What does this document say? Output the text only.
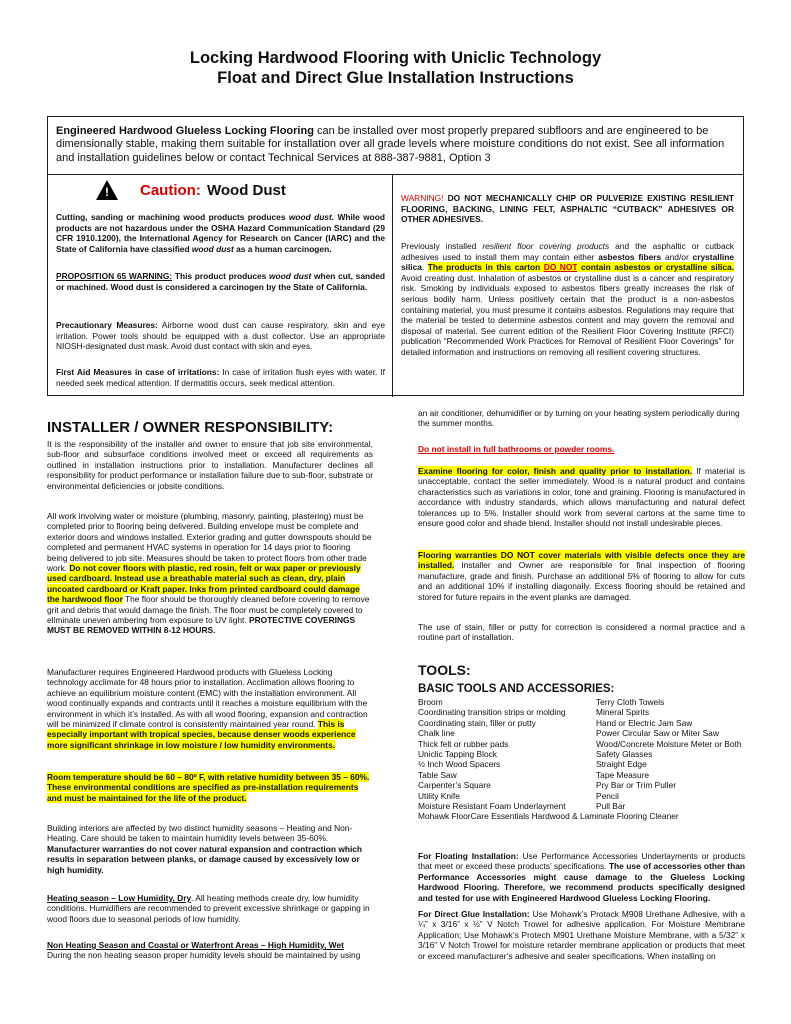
Locking Hardwood Flooring with Uniclic Technology
Float and Direct Glue Installation Instructions
Engineered Hardwood Glueless Locking Flooring can be installed over most properly prepared subfloors and are engineered to be dimensionally stable, making them suitable for installation over all grade levels where moisture conditions do not exist. See all information and installation guidelines below or contact Technical Services at 888-387-9881, Option 3
!	Caution: Wood Dust
Cutting, sanding or machining wood products produces wood dust. While wood products are not hazardous under the OSHA Hazard Communication Standard (29 CFR 1910.1200), the International Agency for Research on Cancer (IARC) and the State of California have classified wood dust as a human carcinogen.
PROPOSITION 65 WARNING: This product produces wood dust when cut, sanded or machined. Wood dust is considered a carcinogen by the State of California.
Precautionary Measures: Airborne wood dust can cause respiratory, skin and eye irritation. Power tools should be equipped with a dust collector. Use an appropriate NIOSH-designated dust mask. Avoid dust contact with skin and eyes.
First Aid Measures in case of irritations: In case of irritation flush eyes with water. If needed seek medical attention. If dermatitis occurs, seek medical attention.
WARNING! DO NOT MECHANICALLY CHIP OR PULVERIZE EXISTING RESILIENT FLOORING, BACKING, LINING FELT, ASPHALTIC “CUTBACK” ADHESIVES OR OTHER ADHESIVES.
Previously installed resilient floor covering products and the asphaltic or cutback adhesives used to install them may contain either asbestos fibers and/or crystalline silica. The products in this carton DO NOT contain asbestos or crystalline silica. Avoid creating dust. Inhalation of asbestos or crystalline dust is a cancer and respiratory risk. Smoking by individuals exposed to asbestos fibers greatly increases the risk of serious bodily harm. Unless positively certain that the product is a non-asbestos containing material, you must presume it contains asbestos. Regulations may require that the material be tested to determine asbestos content and may govern the removal and disposal of material. See current edition of the Resilient Floor Covering Institute (RFCI) publication “Recommended Work Practices for Removal of Resilient Floor Coverings” for detailed information and instructions on removing all resilient covering structures.
INSTALLER / OWNER RESPONSIBILITY:
It is the responsibility of the installer and owner to ensure that job site environmental, sub-floor and subsurface conditions involved meet or exceed all requirements as outlined in installation instructions prior to installation. Manufacturer declines all responsibility for product performance or installation failure due to sub-floor, substrate or environmental deficiencies or jobsite conditions.
All work involving water or moisture (plumbing, masonry, painting, plastering) must be completed prior to flooring being delivered. Building envelope must be complete and exterior doors and windows installed. Exterior grading and gutter downspouts should be completed and permanent HVAC systems in operation for 14 days prior to flooring being delivered to job site. Measures should be taken to protect floors from other trade work. Do not cover floors with plastic, red rosin, felt or wax paper or previously used cardboard. Instead use a breathable material such as clean, dry, plain uncoated cardboard or Kraft paper. Inks from printed cardboard could damage the hardwood floor The floor should be thoroughly cleaned before covering to remove grit and debris that would damage the finish. The floor must be completely covered to eliminate uneven ambering from exposure to UV light. PROTECTIVE COVERINGS MUST BE REMOVED WITHIN 8-12 HOURS.
Manufacturer requires Engineered Hardwood products with Glueless Locking technology acclimate for 48 hours prior to installation. Acclimation allows flooring to achieve an equilibrium moisture content (EMC) with the installation environment. All wood continually expands and contracts until it reaches a moisture equilibrium with the environment in which it’s installed. As with all wood flooring, expansion and contraction will be minimized if climate control is consistently maintained year round. This is especially important with tropical species, because denser woods experience more significant shrinkage in low moisture / low humidity environments.
Room temperature should be 60 – 80º F, with relative humidity between 35 – 60%. These environmental conditions are specified as pre-installation requirements and must be maintained for the life of the product.
Building interiors are affected by two distinct humidity seasons – Heating and Non-Heating. Care should be taken to maintain humidity levels between 35-60%. Manufacturer warranties do not cover natural expansion and contraction which results in separation between planks, or damage caused by excessively low or high humidity.
Heating season – Low Humidity, Dry. All heating methods create dry, low humidity conditions. Humidifiers are recommended to prevent excessive shrinkage or gapping in wood floors due to seasonal periods of low humidity.
Non Heating Season and Coastal or Waterfront Areas – High Humidity, Wet
During the non heating season proper humidity levels should be maintained by using
an air conditioner, dehumidifier or by turning on your heating system periodically during the summer months.
Do not install in full bathrooms or powder rooms.
Examine flooring for color, finish and quality prior to installation. If material is unacceptable, contact the seller immediately. Wood is a natural product and contains characteristics such as variations in color, tone and graining. Flooring is manufactured in accordance with industry standards, which allows manufacturing and natural defect tolerances up to 5%. Installer should work from several cartons at the same time to ensure good color and shade blend. Installer should not install undesirable pieces.
Flooring warranties DO NOT cover materials with visible defects once they are installed. Installer and Owner are responsible for final inspection of flooring manufacture, grade and finish. Purchase an additional 5% of flooring to allow for cuts and an additional 10% if installing diagonally. Excess flooring should be retained and stored for future repairs in the event planks are damaged.
The use of stain, filler or putty for correction is considered a normal practice and a routine part of installation.
TOOLS:
BASIC TOOLS AND ACCESSORIES:
Broom	Terry Cloth Towels
Coordinating transition strips or molding	Mineral Spirits
Coordinating stain, filler or putty	Hand or Electric Jam Saw
Chalk line	Power Circular Saw or Miter Saw
Thick felt or rubber pads	Wood/Concrete Moisture Meter or Both
Uniclic Tapping Block	Safety Glasses
½ Inch Wood Spacers	Straight Edge
Table Saw	Tape Measure
Carpenter’s Square	Pry Bar or Trim Puller
Utility Knife	Pencil
Moisture Resistant Foam Underlayment	Pull Bar
Mohawk FloorCare Essentials Hardwood & Laminate Flooring Cleaner
For Floating Installation: Use Performance Accessories Underlayments or products that meet or exceed these products’ specifications. The use of accessories other than Performance Accessories might cause damage to the Glueless Locking Hardwood Flooring. Therefore, we recommend products specifically designed and tested for use with Engineered Hardwood Glueless Locking Flooring.
For Direct Glue Installation: Use Mohawk’s Protack M908 Urethane Adhesive, with a ¼” x 3/16” x ½” V Notch Trowel for adhesive application. For Moisture Membrane Application; Use Mohawk’s Protech M901 Urethane Moisture Membrane, with a 5/32” x 3/16” V Notch Trowel for moisture retarder membrane application or products that meet or exceed manufacturer’s adhesive and sealer specifications. When installing on
